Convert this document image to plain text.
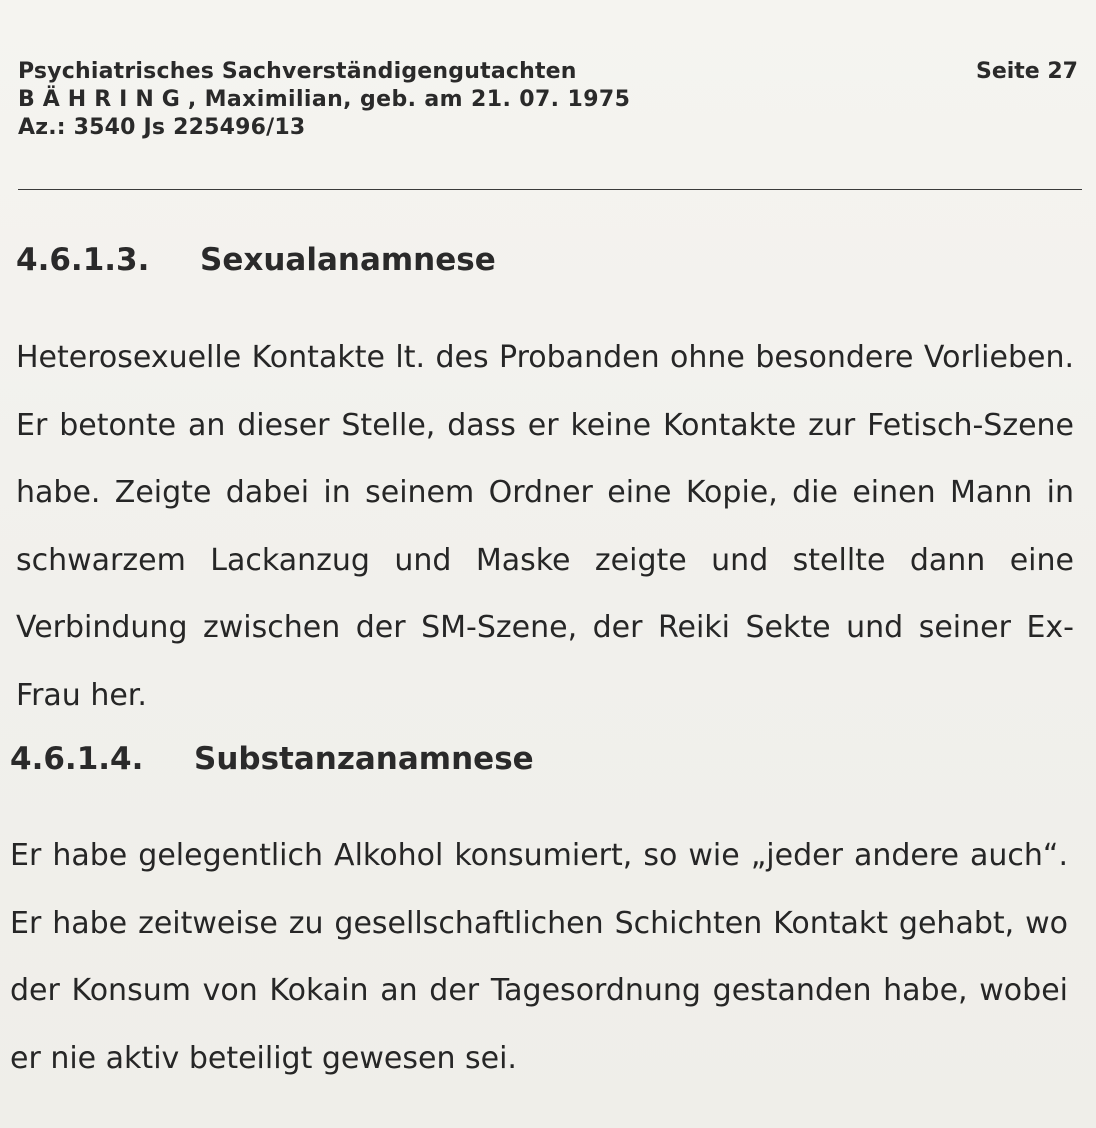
Psychiatrisches Sachverständigengutachten
BÄHRING, Maximilian, geb. am 21. 07. 1975
Az.: 3540 Js 225496/13
Seite 27
4.6.1.3. Sexualanamnese
Heterosexuelle Kontakte lt. des Probanden ohne besondere Vorlieben. Er betonte an dieser Stelle, dass er keine Kontakte zur Fetisch-Szene habe. Zeigte dabei in seinem Ordner eine Kopie, die einen Mann in schwarzem Lackanzug und Maske zeigte und stellte dann eine Verbindung zwischen der SM-Szene, der Reiki Sekte und seiner Ex-Frau her.
4.6.1.4. Substanzanamnese
Er habe gelegentlich Alkohol konsumiert, so wie „jeder andere auch“. Er habe zeitweise zu gesellschaftlichen Schichten Kontakt gehabt, wo der Konsum von Kokain an der Tagesordnung gestanden habe, wobei er nie aktiv beteiligt gewesen sei.
